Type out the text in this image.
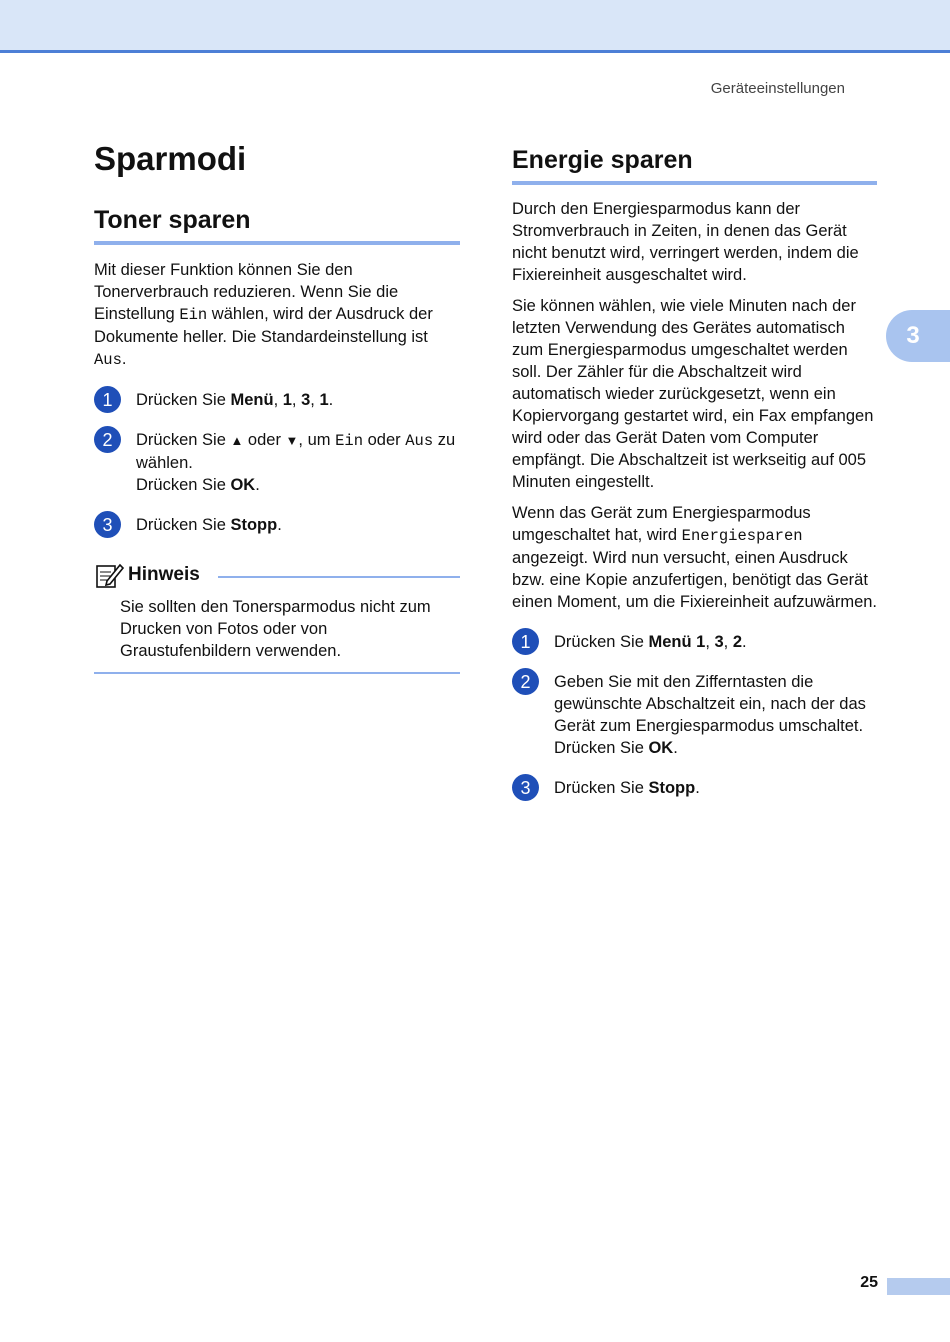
Geräteeinstellungen
3
Sparmodi
Toner sparen

Mit dieser Funktion können Sie den Tonerverbrauch reduzieren. Wenn Sie die Einstellung Ein wählen, wird der Ausdruck der Dokumente heller. Die Standardeinstellung ist Aus.

1	Drücken Sie Menü, 1, 3, 1.
2	Drücken Sie ▲ oder ▼, um Ein oder Aus zu wählen.
Drücken Sie OK.
3	Drücken Sie Stopp.
Hinweis

Sie sollten den Tonersparmodus nicht zum Drucken von Fotos oder von Graustufenbildern verwenden.

Energie sparen

Durch den Energiesparmodus kann der Stromverbrauch in Zeiten, in denen das Gerät nicht benutzt wird, verringert werden, indem die Fixiereinheit ausgeschaltet wird.

Sie können wählen, wie viele Minuten nach der letzten Verwendung des Gerätes automatisch zum Energiesparmodus umgeschaltet werden soll. Der Zähler für die Abschaltzeit wird automatisch wieder zurückgesetzt, wenn ein Kopiervorgang gestartet wird, ein Fax empfangen wird oder das Gerät Daten vom Computer empfängt. Die Abschaltzeit ist werkseitig auf 005 Minuten eingestellt.

Wenn das Gerät zum Energiesparmodus umgeschaltet hat, wird Energiesparen angezeigt. Wird nun versucht, einen Ausdruck bzw. eine Kopie anzufertigen, benötigt das Gerät einen Moment, um die Fixiereinheit aufzuwärmen.

1	Drücken Sie Menü 1, 3, 2.
2	Geben Sie mit den Zifferntasten die gewünschte Abschaltzeit ein, nach der das Gerät zum Energiesparmodus umschaltet.
Drücken Sie OK.
3	Drücken Sie Stopp.
25
